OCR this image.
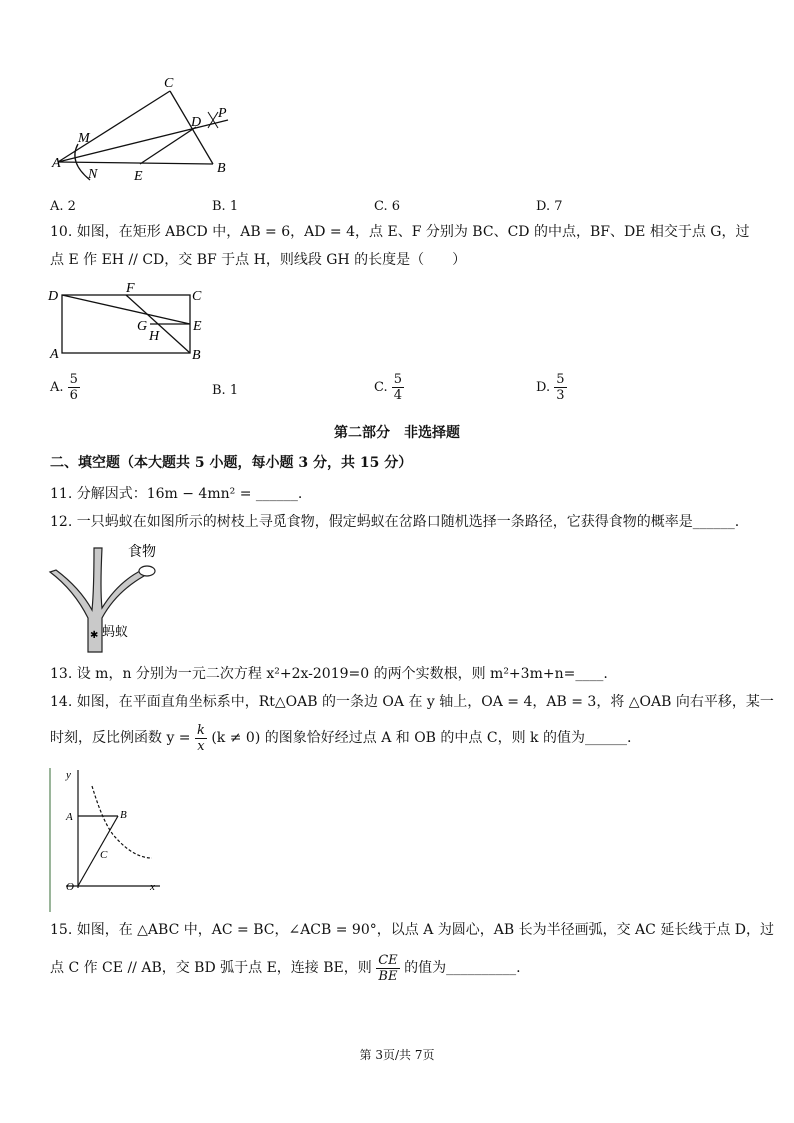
C
M
D
P
A
N	E
B
A. 2	B. 1	C. 6	D. 7
10. 如图，在矩形 ABCD 中，AB = 6，AD = 4，点 E、F 分别为 BC、CD 的中点，BF、DE 相交于点 G，过
点 E 作 EH // CD，交 BF 于点 H，则线段 GH 的长度是（　　）
D
F
C
G	E
H
A	B
A. $\frac{5}{6}$	B. 1	C. $\frac{5}{4}$	D. $\frac{5}{3}$
第二部分　非选择题
二、填空题（本大题共 5 小题，每小题 3 分，共 15 分）
11. 分解因式：16m − 4mn² = ______.
12. 一只蚂蚁在如图所示的树枝上寻觅食物，假定蚂蚁在岔路口随机选择一条路径，它获得食物的概率是______.
食物
蚂蚁
✱
13. 设 m，n 分别为一元二次方程 x²+2x-2019=0 的两个实数根，则 m²+3m+n=____.
14. 如图，在平面直角坐标系中，Rt△OAB 的一条边 OA 在 y 轴上，OA = 4，AB = 3，将 △OAB 向右平移，某一
时刻，反比例函数 $y = \frac{k}{x} (k \ne 0)$ 的图象恰好经过点 A 和 OB 的中点 C，则 k 的值为______.
y
A	B
C
O	x
15. 如图，在 △ABC 中，AC = BC，∠ACB = 90°，以点 A 为圆心，AB 长为半径画弧，交 AC 延长线于点 D，过
点 C 作 CE // AB，交 BD 弧于点 E，连接 BE，则 $\frac{CE}{BE}$ 的值为__________.
第 3页/共 7页
